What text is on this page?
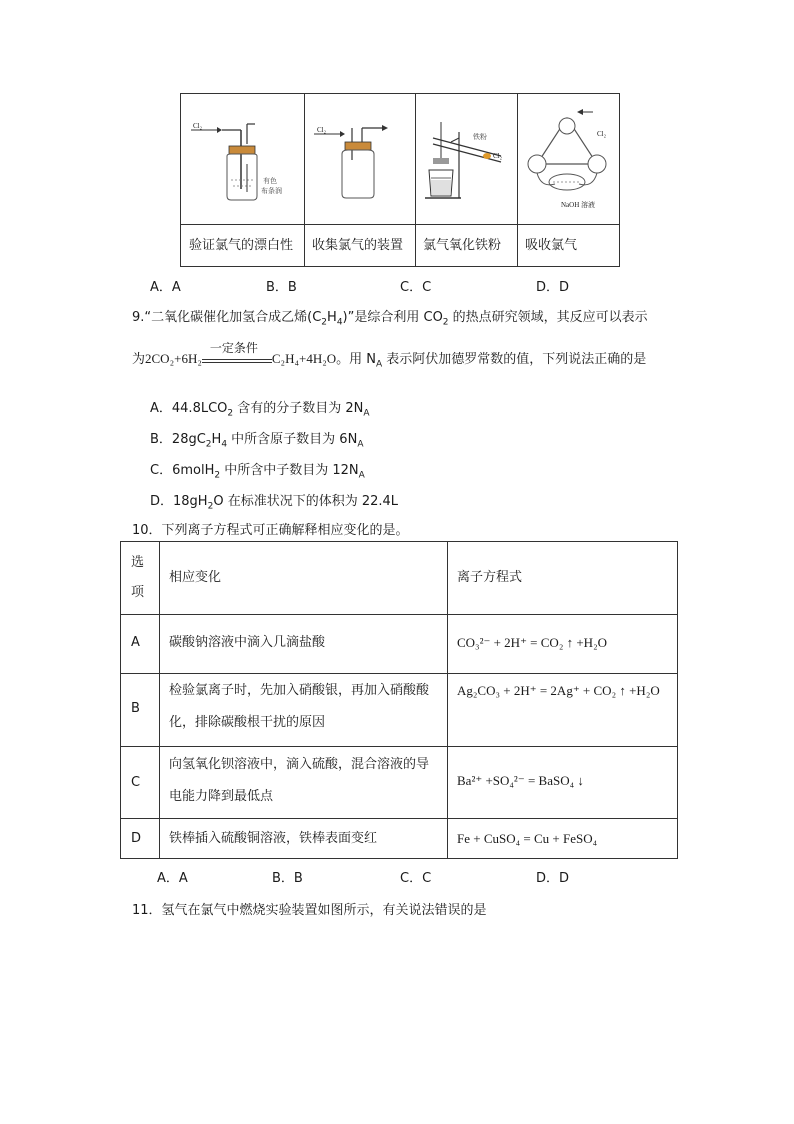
Cl₂
有色
布条润
Cl₂
铁粉
Cl₂
Cl₂
NaOH 溶液
验证氯气的漂白性 收集氯气的装置 氯气氧化铁粉 吸收氯气
A．A	B．B	C．C	D．D
9.“二氧化碳催化加氢合成乙烯$(C_2H_4)$”是综合利用 $CO_2$ 的热点研究领域，其反应可以表示
为2CO₂+6H₂
一定条件
C₂H₄+4H₂O。用 $N_A$ 表示阿伏加德罗常数的值，下列说法正确的是
A．$44.8LCO_2$ 含有的分子数目为 $2N_A$
B．$28gC_2H_4$ 中所含原子数目为 $6N_A$
C．6molH$_2$ 中所含中子数目为 $12N_A$
D．$18gH_2O$ 在标准状况下的体积为 22.4L
10．下列离子方程式可正确解释相应变化的是。
选
项
相应变化	离子方程式
A 碳酸钠溶液中滴入几滴盐酸	CO₃²⁻ + 2H⁺ = CO₂ ↑ +H₂O
B
检验氯离子时，先加入硝酸银，再加入硝酸酸
化，排除碳酸根干扰的原因
Ag₂CO₃ + 2H⁺ = 2Ag⁺ + CO₂ ↑ +H₂O
C
向氢氧化钡溶液中，滴入硫酸，混合溶液的导
电能力降到最低点
Ba²⁺ +SO₄²⁻ = BaSO₄ ↓
D 铁棒插入硫酸铜溶液，铁棒表面变红	Fe + CuSO₄ = Cu + FeSO₄
A．A	B．B	C．C	D．D
11．氢气在氯气中燃烧实验装置如图所示，有关说法错误的是
